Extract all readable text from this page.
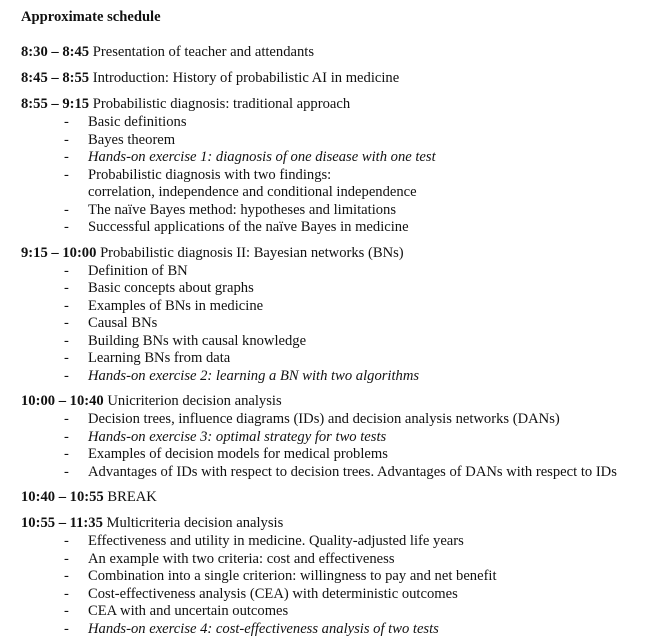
Approximate schedule
8:30 – 8:45 Presentation of teacher and attendants
8:45 – 8:55 Introduction: History of probabilistic AI in medicine
8:55 – 9:15 Probabilistic diagnosis: traditional approach
- Basic definitions
- Bayes theorem
- Hands-on exercise 1: diagnosis of one disease with one test
- Probabilistic diagnosis with two findings:
correlation, independence and conditional independence
- The naïve Bayes method: hypotheses and limitations
- Successful applications of the naïve Bayes in medicine
9:15 – 10:00 Probabilistic diagnosis II: Bayesian networks (BNs)
- Definition of BN
- Basic concepts about graphs
- Examples of BNs in medicine
- Causal BNs
- Building BNs with causal knowledge
- Learning BNs from data
- Hands-on exercise 2: learning a BN with two algorithms
10:00 – 10:40 Unicriterion decision analysis
- Decision trees, influence diagrams (IDs) and decision analysis networks (DANs)
- Hands-on exercise 3: optimal strategy for two tests
- Examples of decision models for medical problems
- Advantages of IDs with respect to decision trees. Advantages of DANs with respect to IDs
10:40 – 10:55 BREAK
10:55 – 11:35 Multicriteria decision analysis
- Effectiveness and utility in medicine. Quality-adjusted life years
- An example with two criteria: cost and effectiveness
- Combination into a single criterion: willingness to pay and net benefit
- Cost-effectiveness analysis (CEA) with deterministic outcomes
- CEA with and uncertain outcomes
- Hands-on exercise 4: cost-effectiveness analysis of two tests
